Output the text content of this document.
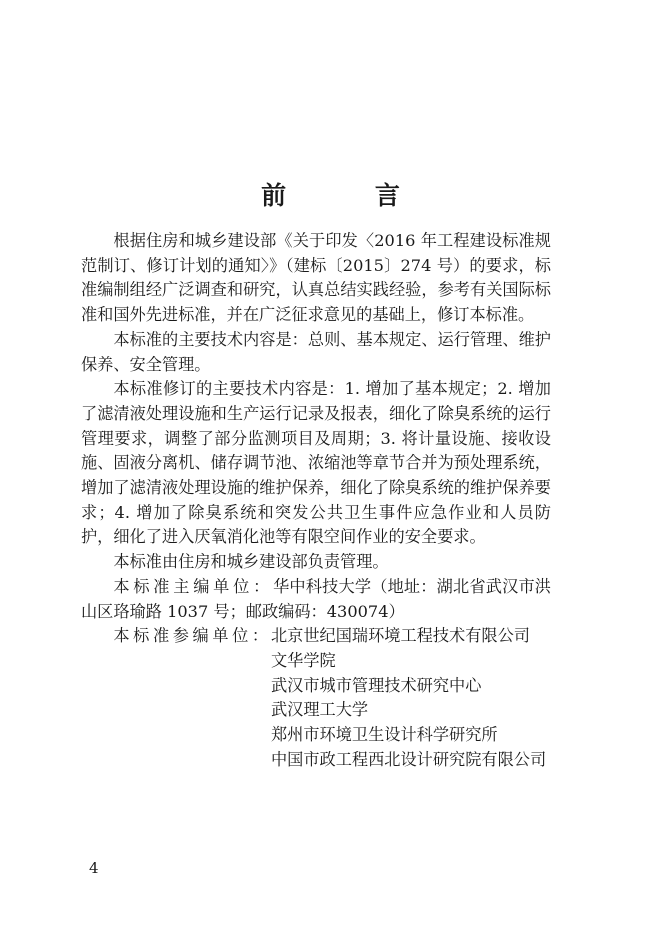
前 言

根据住房和城乡建设部《关于印发〈2016 年工程建设标准规范制订、修订计划的通知〉》（建标〔2015〕274 号）的要求，标准编制组经广泛调查和研究，认真总结实践经验，参考有关国际标准和国外先进标准，并在广泛征求意见的基础上，修订本标准。

本标准的主要技术内容是：总则、基本规定、运行管理、维护保养、安全管理。

本标准修订的主要技术内容是：1. 增加了基本规定；2. 增加了滤清液处理设施和生产运行记录及报表，细化了除臭系统的运行管理要求，调整了部分监测项目及周期；3. 将计量设施、接收设施、固液分离机、储存调节池、浓缩池等章节合并为预处理系统，增加了滤清液处理设施的维护保养，细化了除臭系统的维护保养要求；4. 增加了除臭系统和突发公共卫生事件应急作业和人员防护，细化了进入厌氧消化池等有限空间作业的安全要求。

本标准由住房和城乡建设部负责管理。

本标准主编单位：华中科技大学（地址：湖北省武汉市洪山区珞瑜路 1037 号；邮政编码：430074）

本标准参编单位： 北京世纪国瑞环境工程技术有限公司
文华学院
武汉市城市管理技术研究中心
武汉理工大学
郑州市环境卫生设计科学研究所
中国市政工程西北设计研究院有限公司
4
